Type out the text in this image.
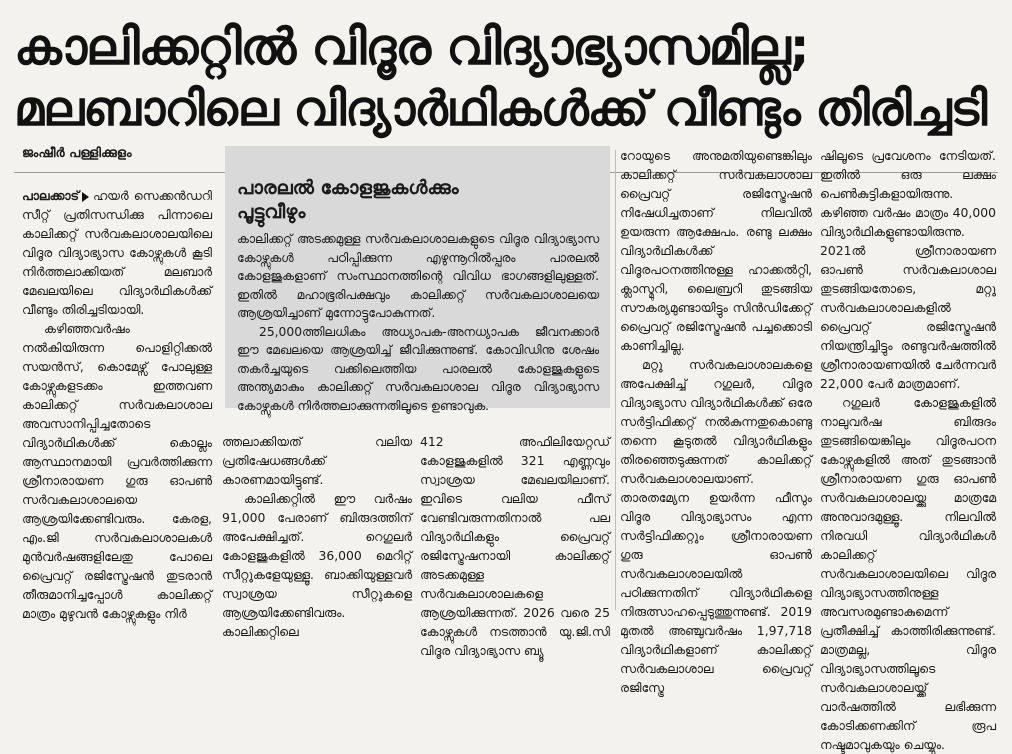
കാലിക്കറ്റിൽ വിദൂര വിദ്യാഭ്യാസമില്ല;
മലബാറിലെ വിദ്യാർഥികൾക്ക് വീണ്ടും തിരിച്ചടി
ജംഷീർ പള്ളിക്കുളം

പാലക്കാട് ഹയർ സെക്കൻഡറി സീറ്റ് പ്രതിസന്ധിക്കു പിന്നാലെ കാലിക്കറ്റ് സർവകലാശാലയിലെ വിദൂര വിദ്യാഭ്യാസ കോഴ്സുകൾ കൂടി നിർത്തലാക്കിയത് മലബാർ മേഖലയിലെ വിദ്യാർഥികൾക്ക് വീണ്ടും തിരിച്ചടിയായി.

കഴിഞ്ഞവർഷം നൽകിയിരുന്ന പൊളിറ്റിക്കൽ സയൻസ്, കൊമേഴ്സ് പോലുള്ള കോഴ്സുകളടക്കം ഇത്തവണ കാലിക്കറ്റ് സർവകലാശാല അവസാനിപ്പിച്ചതോടെ വിദ്യാർഥികൾക്ക് കൊല്ലം ആസ്ഥാനമായി പ്രവർത്തിക്കുന്ന ശ്രീനാരായണ ഗുരു ഓപൺ സർവകലാശാലയെ ആശ്രയിക്കേണ്ടിവരും. കേരള, എം.ജി സർവകലാശാലകൾ മുൻവർഷങ്ങളിലേതു പോലെ പ്രൈവറ്റ് രജിസ്ട്രേഷൻ തുടരാൻ തീരുമാനിച്ചപ്പോൾ കാലിക്കറ്റ് മാത്രം മുഴുവൻ കോഴ്സുകളും നിർ

പാരലൽ കോളജുകൾക്കും
പൂട്ടുവീഴും

കാലിക്കറ്റ് അടക്കമുള്ള സർവകലാശാലകളുടെ വിദൂര വിദ്യാഭ്യാസ കോഴ്സുകൾ പഠിപ്പിക്കുന്ന എഴുന്നൂറിൽപ്പരം പാരലൽ കോളജുകളാണ് സംസ്ഥാനത്തിന്റെ വിവിധ ഭാഗങ്ങളിലുള്ളത്. ഇതിൽ മഹാഭൂരിപക്ഷവും കാലിക്കറ്റ് സർവകലാശാലയെ ആശ്രയിച്ചാണ് മുന്നോട്ടുപോകുന്നത്.

25,000ത്തിലധികം അധ്യാപക-അനധ്യാപക ജീവനക്കാർ ഈ മേഖലയെ ആശ്രയിച്ച് ജീവിക്കുന്നുണ്ട്. കോവിഡിനു ശേഷം തകർച്ചയുടെ വക്കിലെത്തിയ പാരലൽ കോളജുകളുടെ അന്ത്യമാകും കാലിക്കറ്റ് സർവകലാശാല വിദൂര വിദ്യാഭ്യാസ കോഴ്സുകൾ നിർത്തലാക്കുന്നതിലൂടെ ഉണ്ടാവുക.

ത്തലാക്കിയത് വലിയ പ്രതിഷേധങ്ങൾക്ക് കാരണമായിട്ടുണ്ട്.

കാലിക്കറ്റിൽ ഈ വർഷം 91,000 പേരാണ് ബിരുദത്തിന് അപേക്ഷിച്ചത്. റെഗുലർ കോളജുകളിൽ 36,000 മെറിറ്റ് സീറ്റുകളേയുള്ളൂ. ബാക്കിയുള്ളവർ സ്വാശ്രയ സീറ്റുകളെ ആശ്രയിക്കേണ്ടിവരും. കാലിക്കറ്റിലെ

412 അഫിലിയേറ്റഡ് കോളജുകളിൽ 321 എണ്ണവും സ്വാശ്രയ മേഖലയിലാണ്. ഇവിടെ വലിയ ഫീസ് വേണ്ടിവരുന്നതിനാൽ പല വിദ്യാർഥികളും പ്രൈവറ്റ് രജിസ്ട്രേഷനായി കാലിക്കറ്റ് അടക്കമുള്ള സർവകലാശാലകളെ ആശ്രയിക്കുന്നത്. 2026 വരെ 25 കോഴ്സുകൾ നടത്താൻ യു.ജി.സി വിദൂര വിദ്യാഭ്യാസ ബ്യൂ

റോയുടെ അനുമതിയുണ്ടെങ്കിലും കാലിക്കറ്റ് സർവകലാശാല പ്രൈവറ്റ് രജിസ്ട്രേഷൻ നിഷേധിച്ചതാണ് നിലവിൽ ഉയരുന്ന ആക്ഷേപം. രണ്ടു ലക്ഷം വിദ്യാർഥികൾക്ക് വിദൂരപഠനത്തിനുള്ള ഹാക്കൽറ്റി, ക്ലാസ്മുറി, ലൈബ്രറി തുടങ്ങിയ സൗകര്യമുണ്ടായിട്ടും സിൻഡിക്കേറ്റ് പ്രൈവറ്റ് രജിസ്ട്രേഷൻ പച്ചക്കൊടി കാണിച്ചില്ല.

മറ്റു സർവകലാശാലകളെ അപേക്ഷിച്ച് റഗുലർ, വിദൂര വിദ്യാഭ്യാസ വിദ്യാർഥികൾക്ക് ഒരേ സർട്ടിഫിക്കറ്റ് നൽകുന്നതുകൊണ്ടു തന്നെ കൂടുതൽ വിദ്യാർഥികളും തിരഞ്ഞെടുക്കുന്നത് കാലിക്കറ്റ് സർവകലാശാലയാണ്. താരതമ്യേന ഉയർന്ന ഫീസും വിദൂര വിദ്യാഭ്യാസം എന്ന സർട്ടിഫിക്കറ്റും ശ്രീനാരായണ ഗുരു ഓപൺ സർവകലാശാലയിൽ പഠിക്കുന്നതിന് വിദ്യാർഥികളെ നിരുത്സാഹപ്പെടുത്തുന്നുണ്ട്. 2019 മുതൽ അഞ്ചുവർഷം 1,97,718 വിദ്യാർഥികളാണ് കാലിക്കറ്റ് സർവകലാശാല പ്രൈവറ്റ് രജിസ്ട്രേ

ഷിലൂടെ പ്രവേശനം നേടിയത്. ഇതിൽ ഒരു ലക്ഷം പെൺകുട്ടികളായിരുന്നു. കഴിഞ്ഞ വർഷം മാത്രം 40,000 വിദ്യാർഥികളുണ്ടായിരുന്നു. 2021ൽ ശ്രീനാരായണ ഓപൺ സർവകലാശാല തുടങ്ങിയതോടെ, മറ്റു സർവകലാശാലകളിൽ പ്രൈവറ്റ് രജിസ്ട്രേഷൻ നിയന്ത്രിച്ചിട്ടും രണ്ടുവർഷത്തിൽ ശ്രീനാരായണയിൽ ചേർന്നവർ 22,000 പേർ മാത്രമാണ്.

റഗുലർ കോളജുകളിൽ നാലുവർഷ ബിരുദം തുടങ്ങിയെങ്കിലും വിദൂരപഠന കോഴ്സുകളിൽ അത് തുടങ്ങാൻ ശ്രീനാരായണ ഗുരു ഓപൺ സർവകലാശാലയ്ക്കു മാത്രമേ അനുവാദമുള്ളൂ. നിലവിൽ നിരവധി വിദ്യാർഥികൾ കാലിക്കറ്റ് സർവകലാശാലയിലെ വിദൂര വിദ്യാഭ്യാസത്തിനുള്ള അവസരമുണ്ടാകുമെന്ന് പ്രതീക്ഷിച്ച് കാത്തിരിക്കുന്നുണ്ട്. മാത്രമല്ല, വിദൂര വിദ്യാഭ്യാസത്തിലൂടെ സർവകലാശാലയ്ക്ക് വാർഷത്തിൽ ലഭിക്കുന്ന കോടിക്കണക്കിന് രൂപ നഷ്ടമാവുകയും ചെയ്യും.
